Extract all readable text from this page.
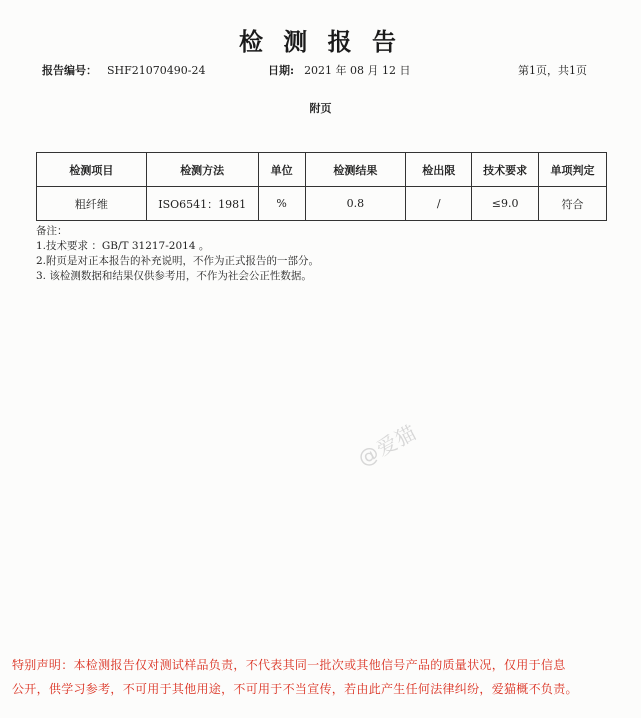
检 测 报 告
报告编号： SHF21070490-24	日期: 2021 年 08 月 12 日	第1页，共1页
附页
检测项目	检测方法	单位	检测结果	检出限	技术要求	单项判定
粗纤维	ISO6541：1981	%	0.8	/	≤9.0	符合
备注：
1.技术要求 ：GB/T 31217-2014 。
2.附页是对正本报告的补充说明，不作为正式报告的一部分。
3. 该检测数据和结果仅供参考用，不作为社会公正性数据。
@爱猫
特别声明：本检测报告仅对测试样品负责，不代表其同一批次或其他信号产品的质量状况，仅用于信息
公开，供学习参考，不可用于其他用途，不可用于不当宣传，若由此产生任何法律纠纷，爱猫概不负责。
